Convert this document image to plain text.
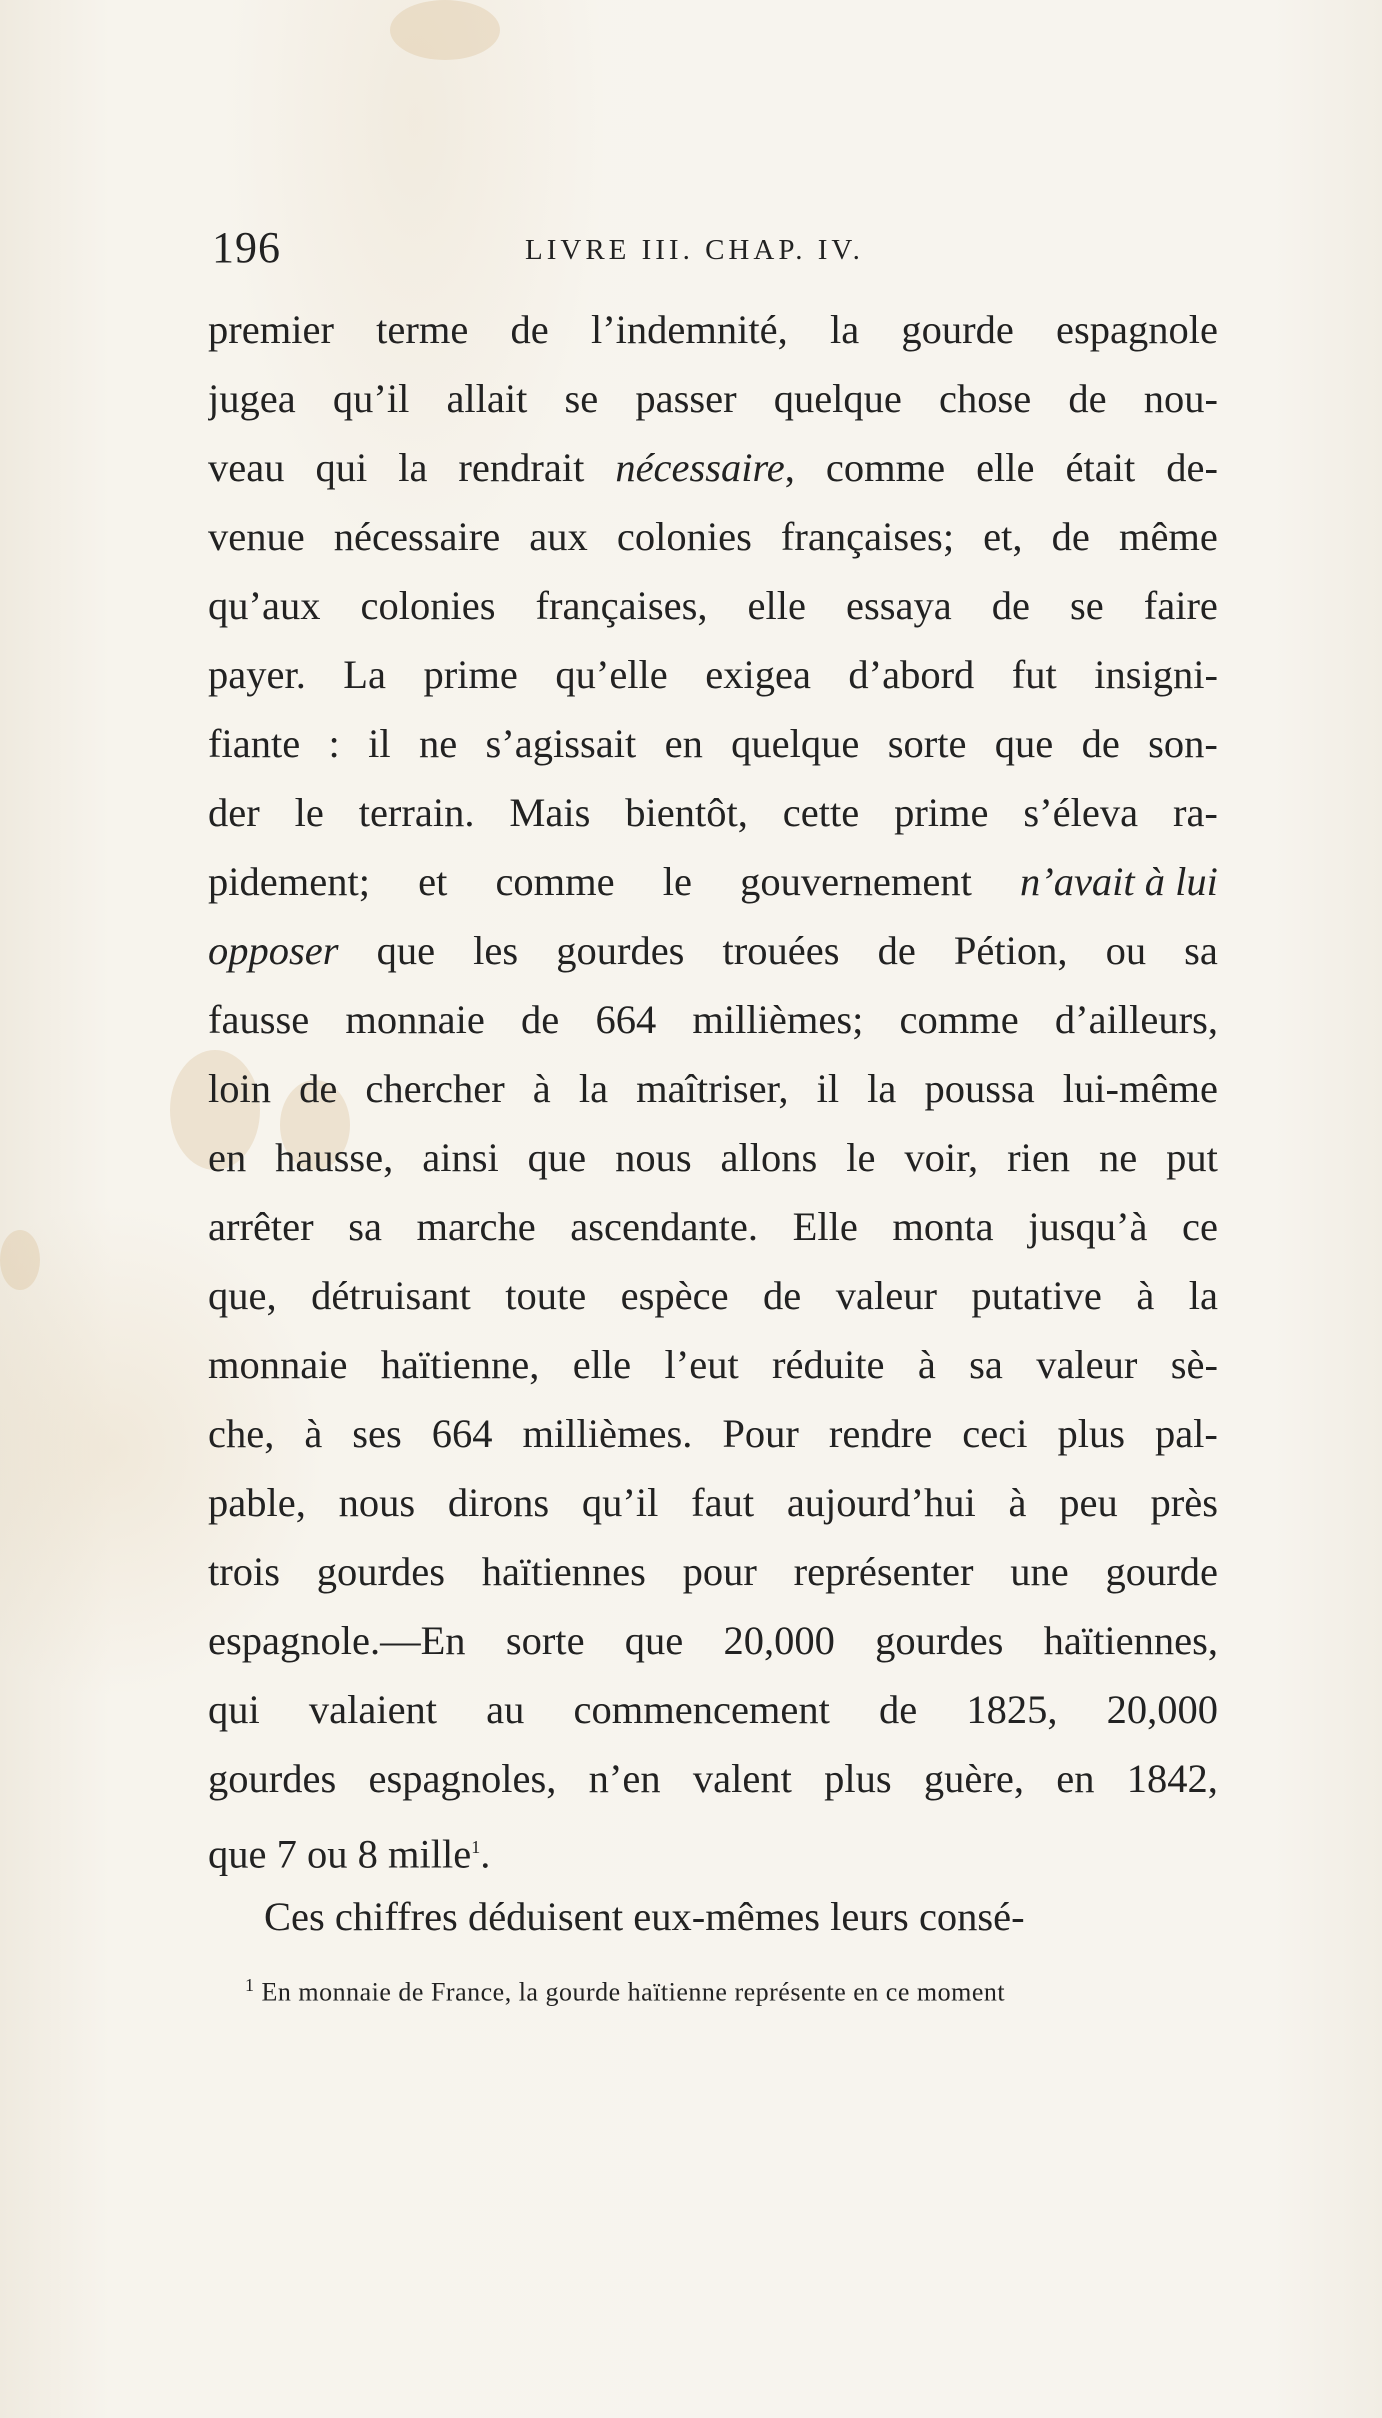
196	LIVRE III. CHAP. IV.
premier terme de l’indemnité, la gourde espagnole
jugea qu’il allait se passer quelque chose de nou-
veau qui la rendrait nécessaire, comme elle était de-
venue nécessaire aux colonies françaises; et, de même
qu’aux colonies françaises, elle essaya de se faire
payer. La prime qu’elle exigea d’abord fut insigni-
fiante : il ne s’agissait en quelque sorte que de son-
der le terrain. Mais bientôt, cette prime s’éleva ra-
pidement; et comme le gouvernement n’avait à lui
opposer que les gourdes trouées de Pétion, ou sa
fausse monnaie de 664 millièmes; comme d’ailleurs,
loin de chercher à la maîtriser, il la poussa lui-même
en hausse, ainsi que nous allons le voir, rien ne put
arrêter sa marche ascendante. Elle monta jusqu’à ce
que, détruisant toute espèce de valeur putative à la
monnaie haïtienne, elle l’eut réduite à sa valeur sè-
che, à ses 664 millièmes. Pour rendre ceci plus pal-
pable, nous dirons qu’il faut aujourd’hui à peu près
trois gourdes haïtiennes pour représenter une gourde
espagnole.—En sorte que 20,000 gourdes haïtiennes,
qui valaient au commencement de 1825, 20,000
gourdes espagnoles, n’en valent plus guère, en 1842,
que 7 ou 8 mille$^1$.
Ces chiffres déduisent eux-mêmes leurs consé-
$^1$ En monnaie de France, la gourde haïtienne représente en ce moment
